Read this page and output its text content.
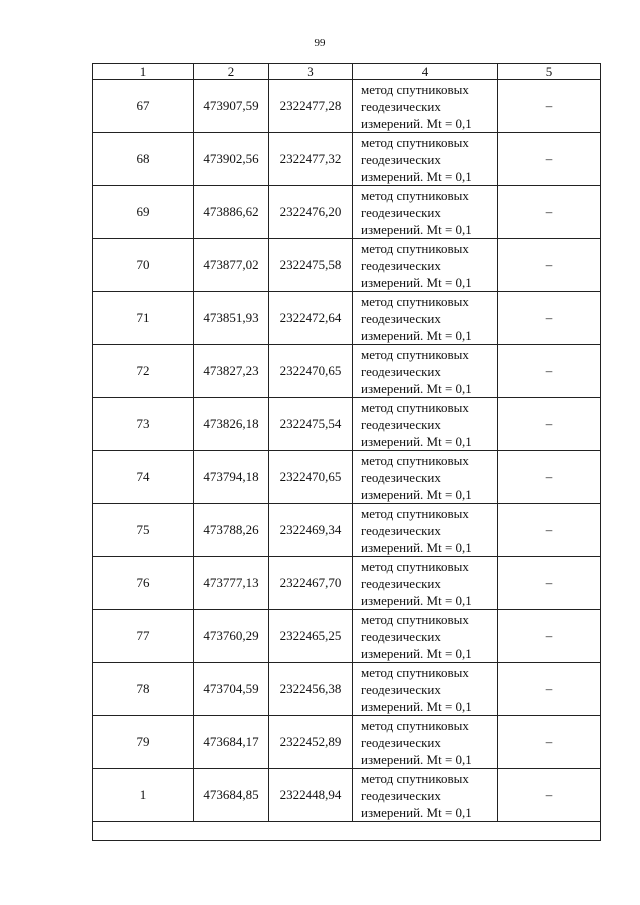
99
1	2	3	4	5
67	473907,59	2322477,28	метод спутниковых
геодезических
измерений. Mt = 0,1	–
68	473902,56	2322477,32	метод спутниковых
геодезических
измерений. Mt = 0,1	–
69	473886,62	2322476,20	метод спутниковых
геодезических
измерений. Mt = 0,1	–
70	473877,02	2322475,58	метод спутниковых
геодезических
измерений. Mt = 0,1	–
71	473851,93	2322472,64	метод спутниковых
геодезических
измерений. Mt = 0,1	–
72	473827,23	2322470,65	метод спутниковых
геодезических
измерений. Mt = 0,1	–
73	473826,18	2322475,54	метод спутниковых
геодезических
измерений. Mt = 0,1	–
74	473794,18	2322470,65	метод спутниковых
геодезических
измерений. Mt = 0,1	–
75	473788,26	2322469,34	метод спутниковых
геодезических
измерений. Mt = 0,1	–
76	473777,13	2322467,70	метод спутниковых
геодезических
измерений. Mt = 0,1	–
77	473760,29	2322465,25	метод спутниковых
геодезических
измерений. Mt = 0,1	–
78	473704,59	2322456,38	метод спутниковых
геодезических
измерений. Mt = 0,1	–
79	473684,17	2322452,89	метод спутниковых
геодезических
измерений. Mt = 0,1	–
1	473684,85	2322448,94	метод спутниковых
геодезических
измерений. Mt = 0,1	–
